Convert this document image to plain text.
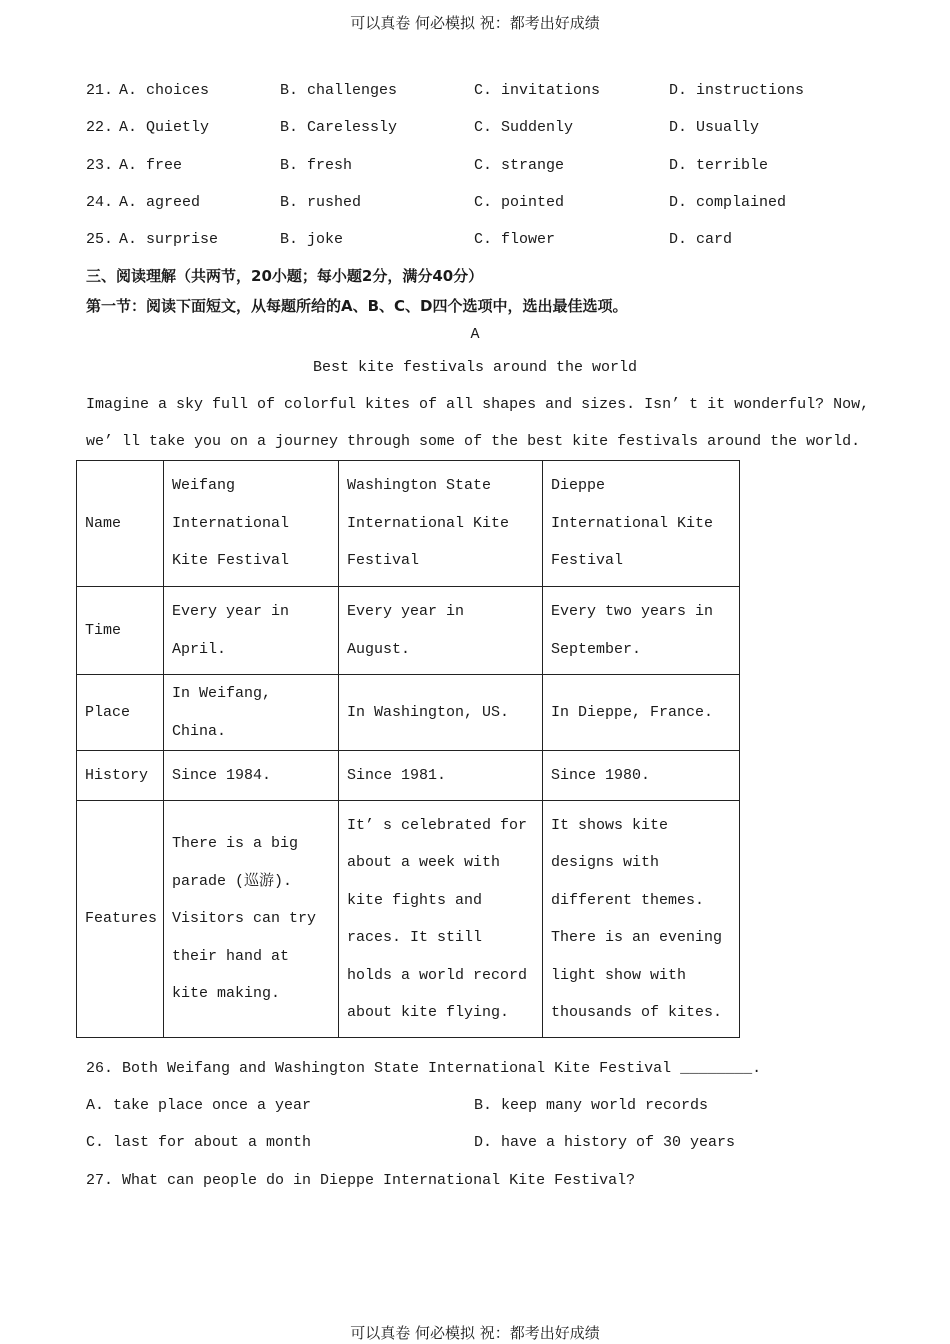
可以真卷 何必模拟 祝：都考出好成绩
21. A. choices	B. challenges	C. invitations	D. instructions
22. A. Quietly	B. Carelessly	C. Suddenly	D. Usually
23. A. free	B. fresh	C. strange	D. terrible
24. A. agreed	B. rushed	C. pointed	D. complained
25. A. surprise	B. joke	C. flower	D. card
三、阅读理解（共两节，20小题；每小题2分，满分40分）
第一节：阅读下面短文，从每题所给的A、B、C、D四个选项中，选出最佳选项。
A
Best kite festivals around the world
Imagine a sky full of colorful kites of all shapes and sizes. Isn’ t it wonderful? Now,
we’ ll take you on a journey through some of the best kite festivals around the world.
Name	Weifang International Kite Festival	Washington State International Kite Festival	Dieppe International Kite Festival
Time	Every year in April.	Every year in August.	Every two years in September.
Place	In Weifang, China.	In Washington, US.	In Dieppe, France.
History	Since 1984.	Since 1981.	Since 1980.
Features	There is a big parade (巡游). Visitors can try their hand at kite making.	It’ s celebrated for about a week with kite fights and races. It still holds a world record about kite flying.	It shows kite designs with different themes. There is an evening light show with thousands of kites.
26. Both Weifang and Washington State International Kite Festival ________.
A. take place once a year	B. keep many world records
C. last for about a month	D. have a history of 30 years
27. What can people do in Dieppe International Kite Festival?
可以真卷 何必模拟 祝：都考出好成绩
